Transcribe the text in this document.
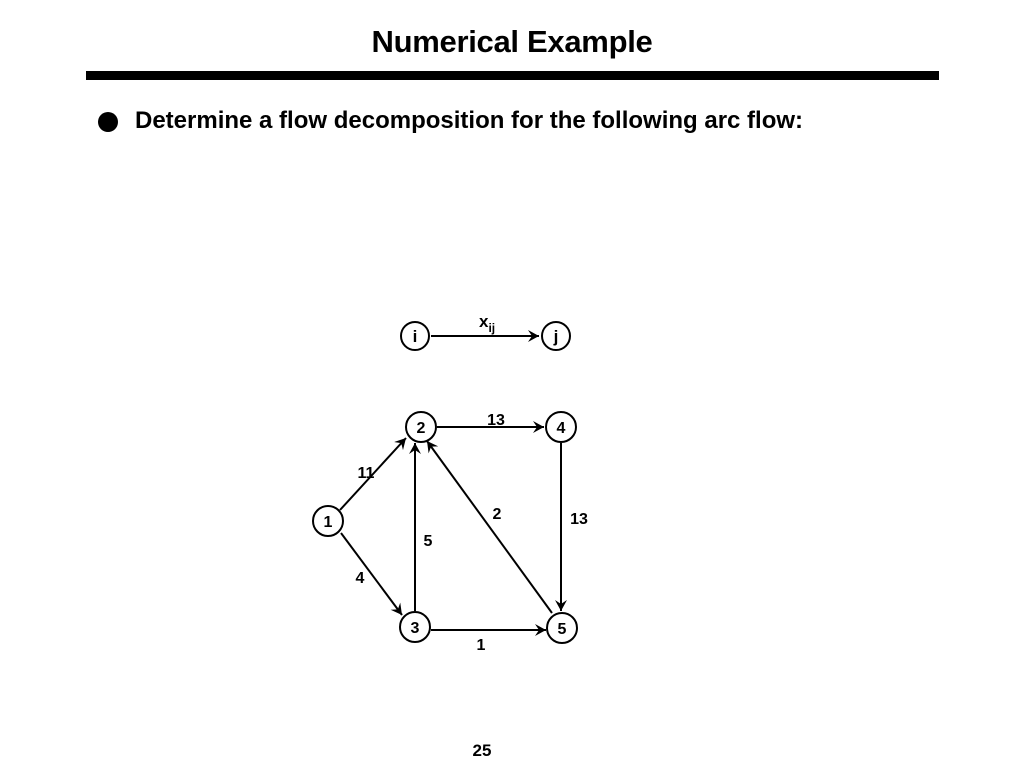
Numerical Example
Determine a flow decomposition for the following arc flow:
i	j
$x_{ij}$
11
4
5
13
2	13
1
1
2
3
4
5
25
